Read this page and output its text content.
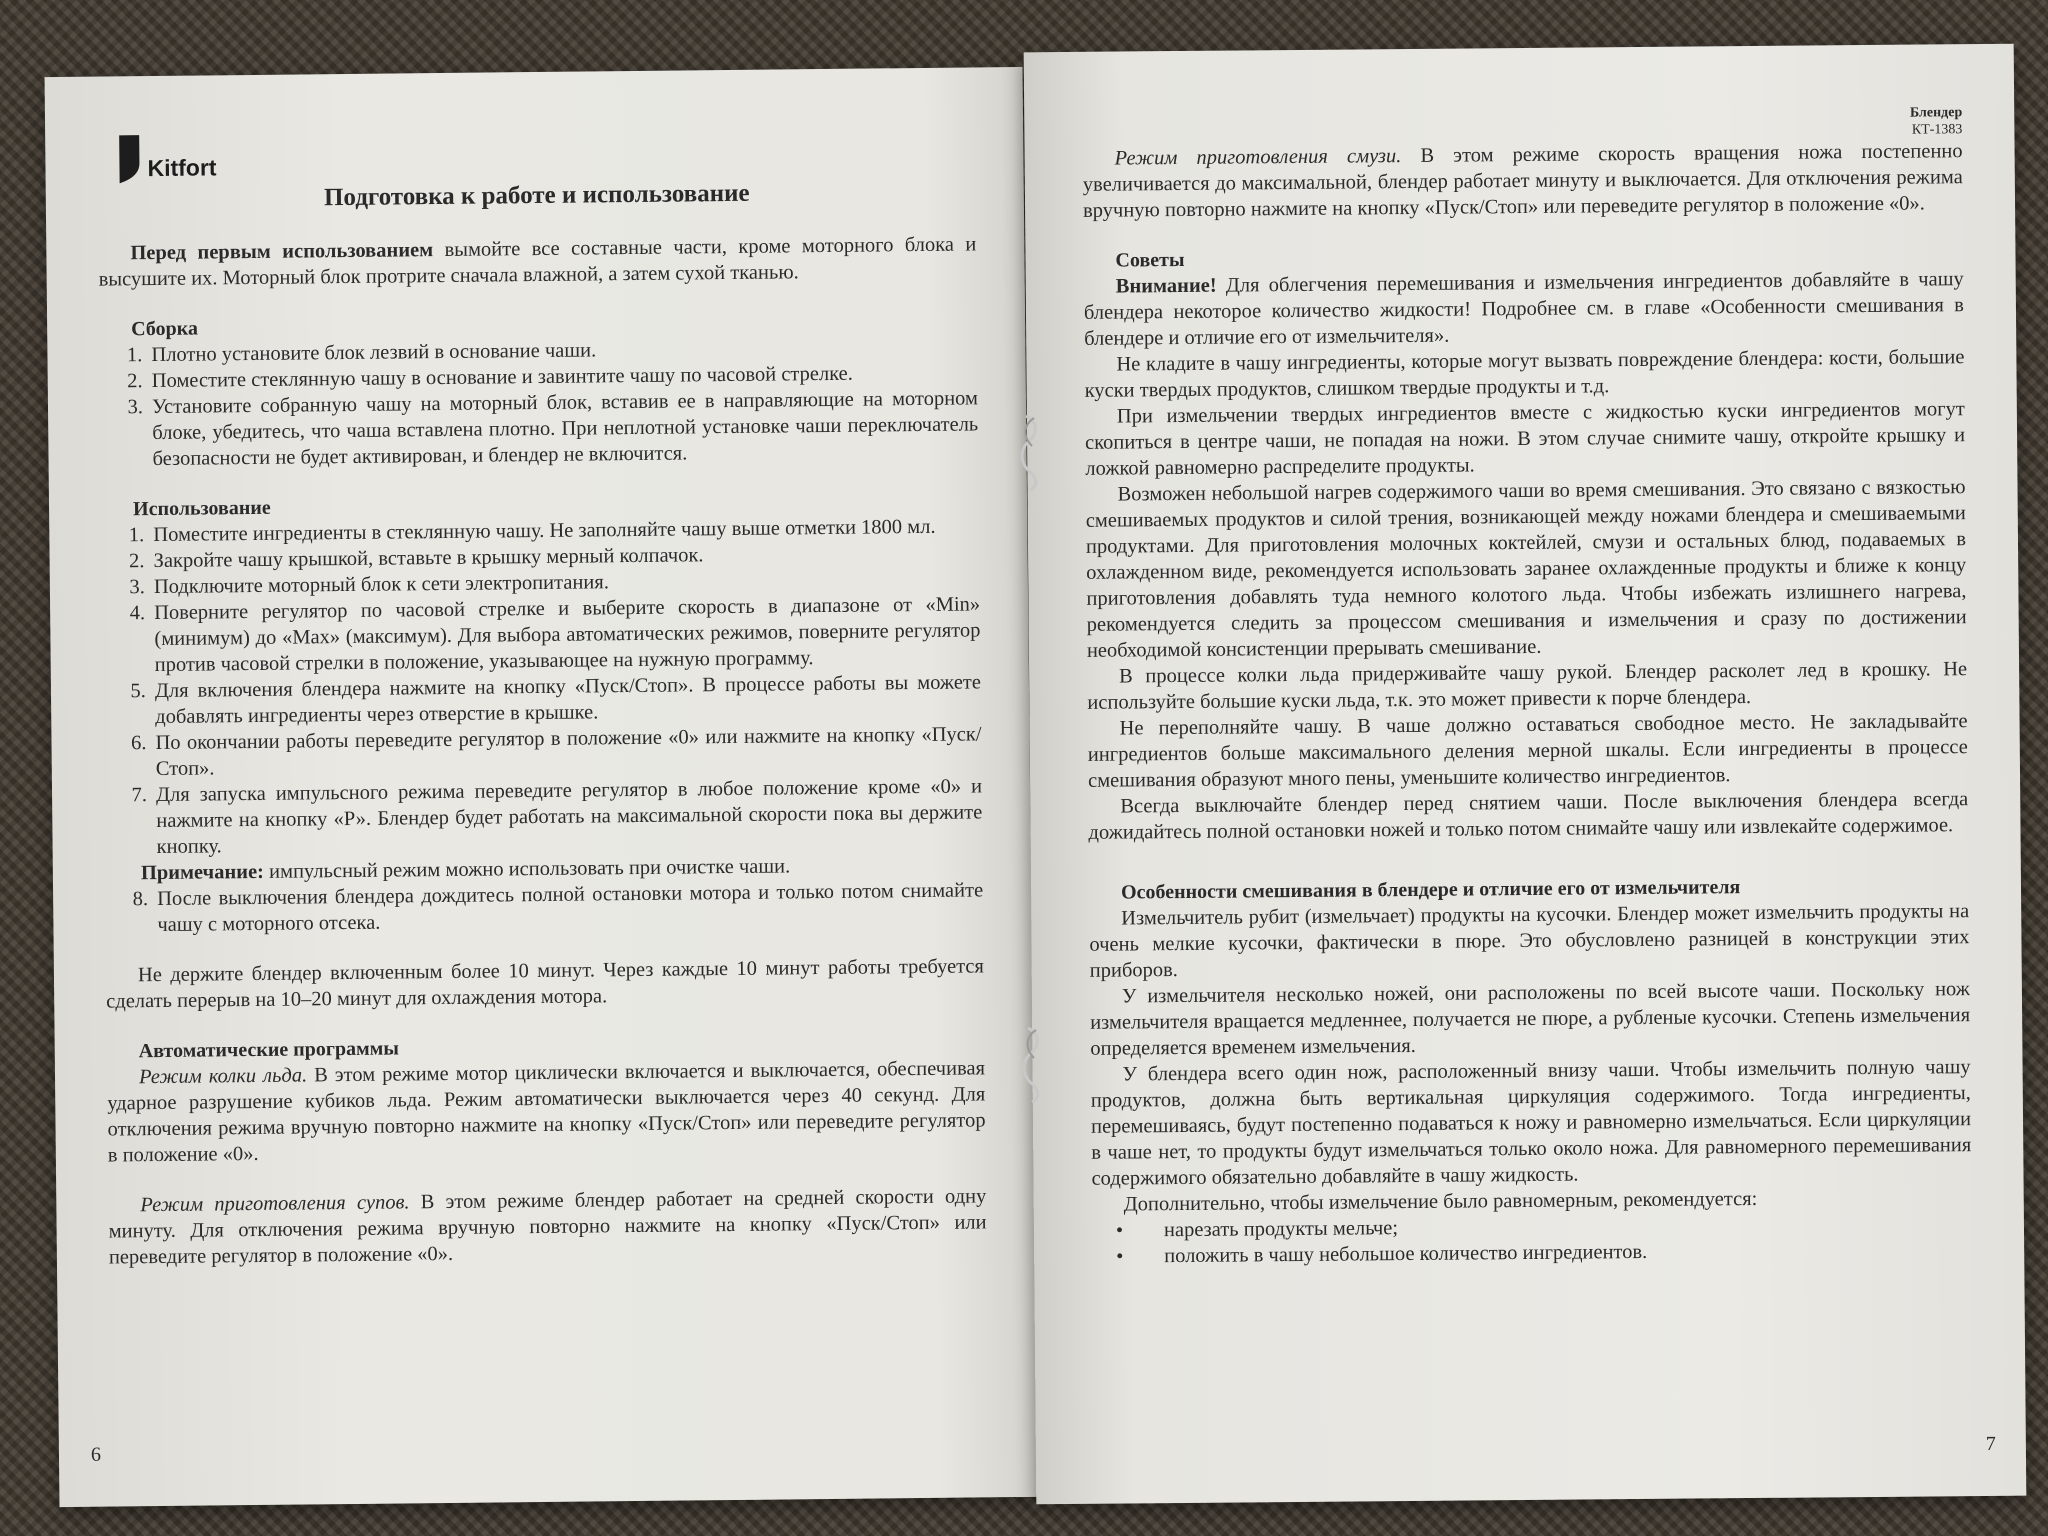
Kitfort
Подготовка к работе и использование

Перед первым использованием вымойте все составные части, кроме моторного блока и высушите их. Моторный блок протрите сначала влажной, а затем сухой тканью.

Сборка
1. Плотно установите блок лезвий в основание чаши.
2. Поместите стеклянную чашу в основание и завинтите чашу по часовой стрелке.
3. Установите собранную чашу на моторный блок, вставив ее в направляющие на моторном блоке, убедитесь, что чаша вставлена плотно. При неплотной установке чаши переключатель безопасности не будет активирован, и блендер не включится.
Использование
1. Поместите ингредиенты в стеклянную чашу. Не заполняйте чашу выше отметки 1800 мл.
2. Закройте чашу крышкой, вставьте в крышку мерный колпачок.
3. Подключите моторный блок к сети электропитания.
4. Поверните регулятор по часовой стрелке и выберите скорость в диапазоне от «Min» (минимум) до «Max» (максимум). Для выбора автоматических режимов, поверните регулятор против часовой стрелки в положение, указывающее на нужную программу.
5. Для включения блендера нажмите на кнопку «Пуск/Стоп». В процессе работы вы можете добавлять ингредиенты через отверстие в крышке.
6. По окончании работы переведите регулятор в положение «0» или нажмите на кнопку «Пуск/Стоп».
7. Для запуска импульсного режима переведите регулятор в любое положение кроме «0» и нажмите на кнопку «Р». Блендер будет работать на максимальной скорости пока вы держите кнопку.

Примечание: импульсный режим можно использовать при очистке чаши.

8. После выключения блендера дождитесь полной остановки мотора и только потом снимайте чашу с моторного отсека.

Не держите блендер включенным более 10 минут. Через каждые 10 минут работы требуется сделать перерыв на 10–20 минут для охлаждения мотора.

Автоматические программы

Режим колки льда. В этом режиме мотор циклически включается и выключается, обеспечивая ударное разрушение кубиков льда. Режим автоматически выключается через 40 секунд. Для отключения режима вручную повторно нажмите на кнопку «Пуск/Стоп» или переведите регулятор в положение «0».

Режим приготовления супов. В этом режиме блендер работает на средней скорости одну минуту. Для отключения режима вручную повторно нажмите на кнопку «Пуск/Стоп» или переведите регулятор в положение «0».

6
Блендер
КТ-1383

Режим приготовления смузи. В этом режиме скорость вращения ножа постепенно увеличивается до максимальной, блендер работает минуту и выключается. Для отключения режима вручную повторно нажмите на кнопку «Пуск/Стоп» или переведите регулятор в положение «0».

Советы

Внимание! Для облегчения перемешивания и измельчения ингредиентов добавляйте в чашу блендера некоторое количество жидкости! Подробнее см. в главе «Особенности смешивания в блендере и отличие его от измельчителя».

Не кладите в чашу ингредиенты, которые могут вызвать повреждение блендера: кости, большие куски твердых продуктов, слишком твердые продукты и т.д.

При измельчении твердых ингредиентов вместе с жидкостью куски ингредиентов могут скопиться в центре чаши, не попадая на ножи. В этом случае снимите чашу, откройте крышку и ложкой равномерно распределите продукты.

Возможен небольшой нагрев содержимого чаши во время смешивания. Это связано с вязкостью смешиваемых продуктов и силой трения, возникающей между ножами блендера и смешиваемыми продуктами. Для приготовления молочных коктейлей, смузи и остальных блюд, подаваемых в охлажденном виде, рекомендуется использовать заранее охлажденные продукты и ближе к концу приготовления добавлять туда немного колотого льда. Чтобы избежать излишнего нагрева, рекомендуется следить за процессом смешивания и измельчения и сразу по достижении необходимой консистенции прерывать смешивание.

В процессе колки льда придерживайте чашу рукой. Блендер расколет лед в крошку. Не используйте большие куски льда, т.к. это может привести к порче блендера.

Не переполняйте чашу. В чаше должно оставаться свободное место. Не закладывайте ингредиентов больше максимального деления мерной шкалы. Если ингредиенты в процессе смешивания образуют много пены, уменьшите количество ингредиентов.

Всегда выключайте блендер перед снятием чаши. После выключения блендера всегда дожидайтесь полной остановки ножей и только потом снимайте чашу или извлекайте содержимое.

Особенности смешивания в блендере и отличие его от измельчителя

Измельчитель рубит (измельчает) продукты на кусочки. Блендер может измельчить продукты на очень мелкие кусочки, фактически в пюре. Это обусловлено разницей в конструкции этих приборов.

У измельчителя несколько ножей, они расположены по всей высоте чаши. Поскольку нож измельчителя вращается медленнее, получается не пюре, а рубленые кусочки. Степень измельчения определяется временем измельчения.

У блендера всего один нож, расположенный внизу чаши. Чтобы измельчить полную чашу продуктов, должна быть вертикальная циркуляция содержимого. Тогда ингредиенты, перемешиваясь, будут постепенно подаваться к ножу и равномерно измельчаться. Если циркуляции в чаше нет, то продукты будут измельчаться только около ножа. Для равномерного перемешивания содержимого обязательно добавляйте в чашу жидкость.

Дополнительно, чтобы измельчение было равномерным, рекомендуется:

• нарезать продукты мельче;
• положить в чашу небольшое количество ингредиентов.
7
